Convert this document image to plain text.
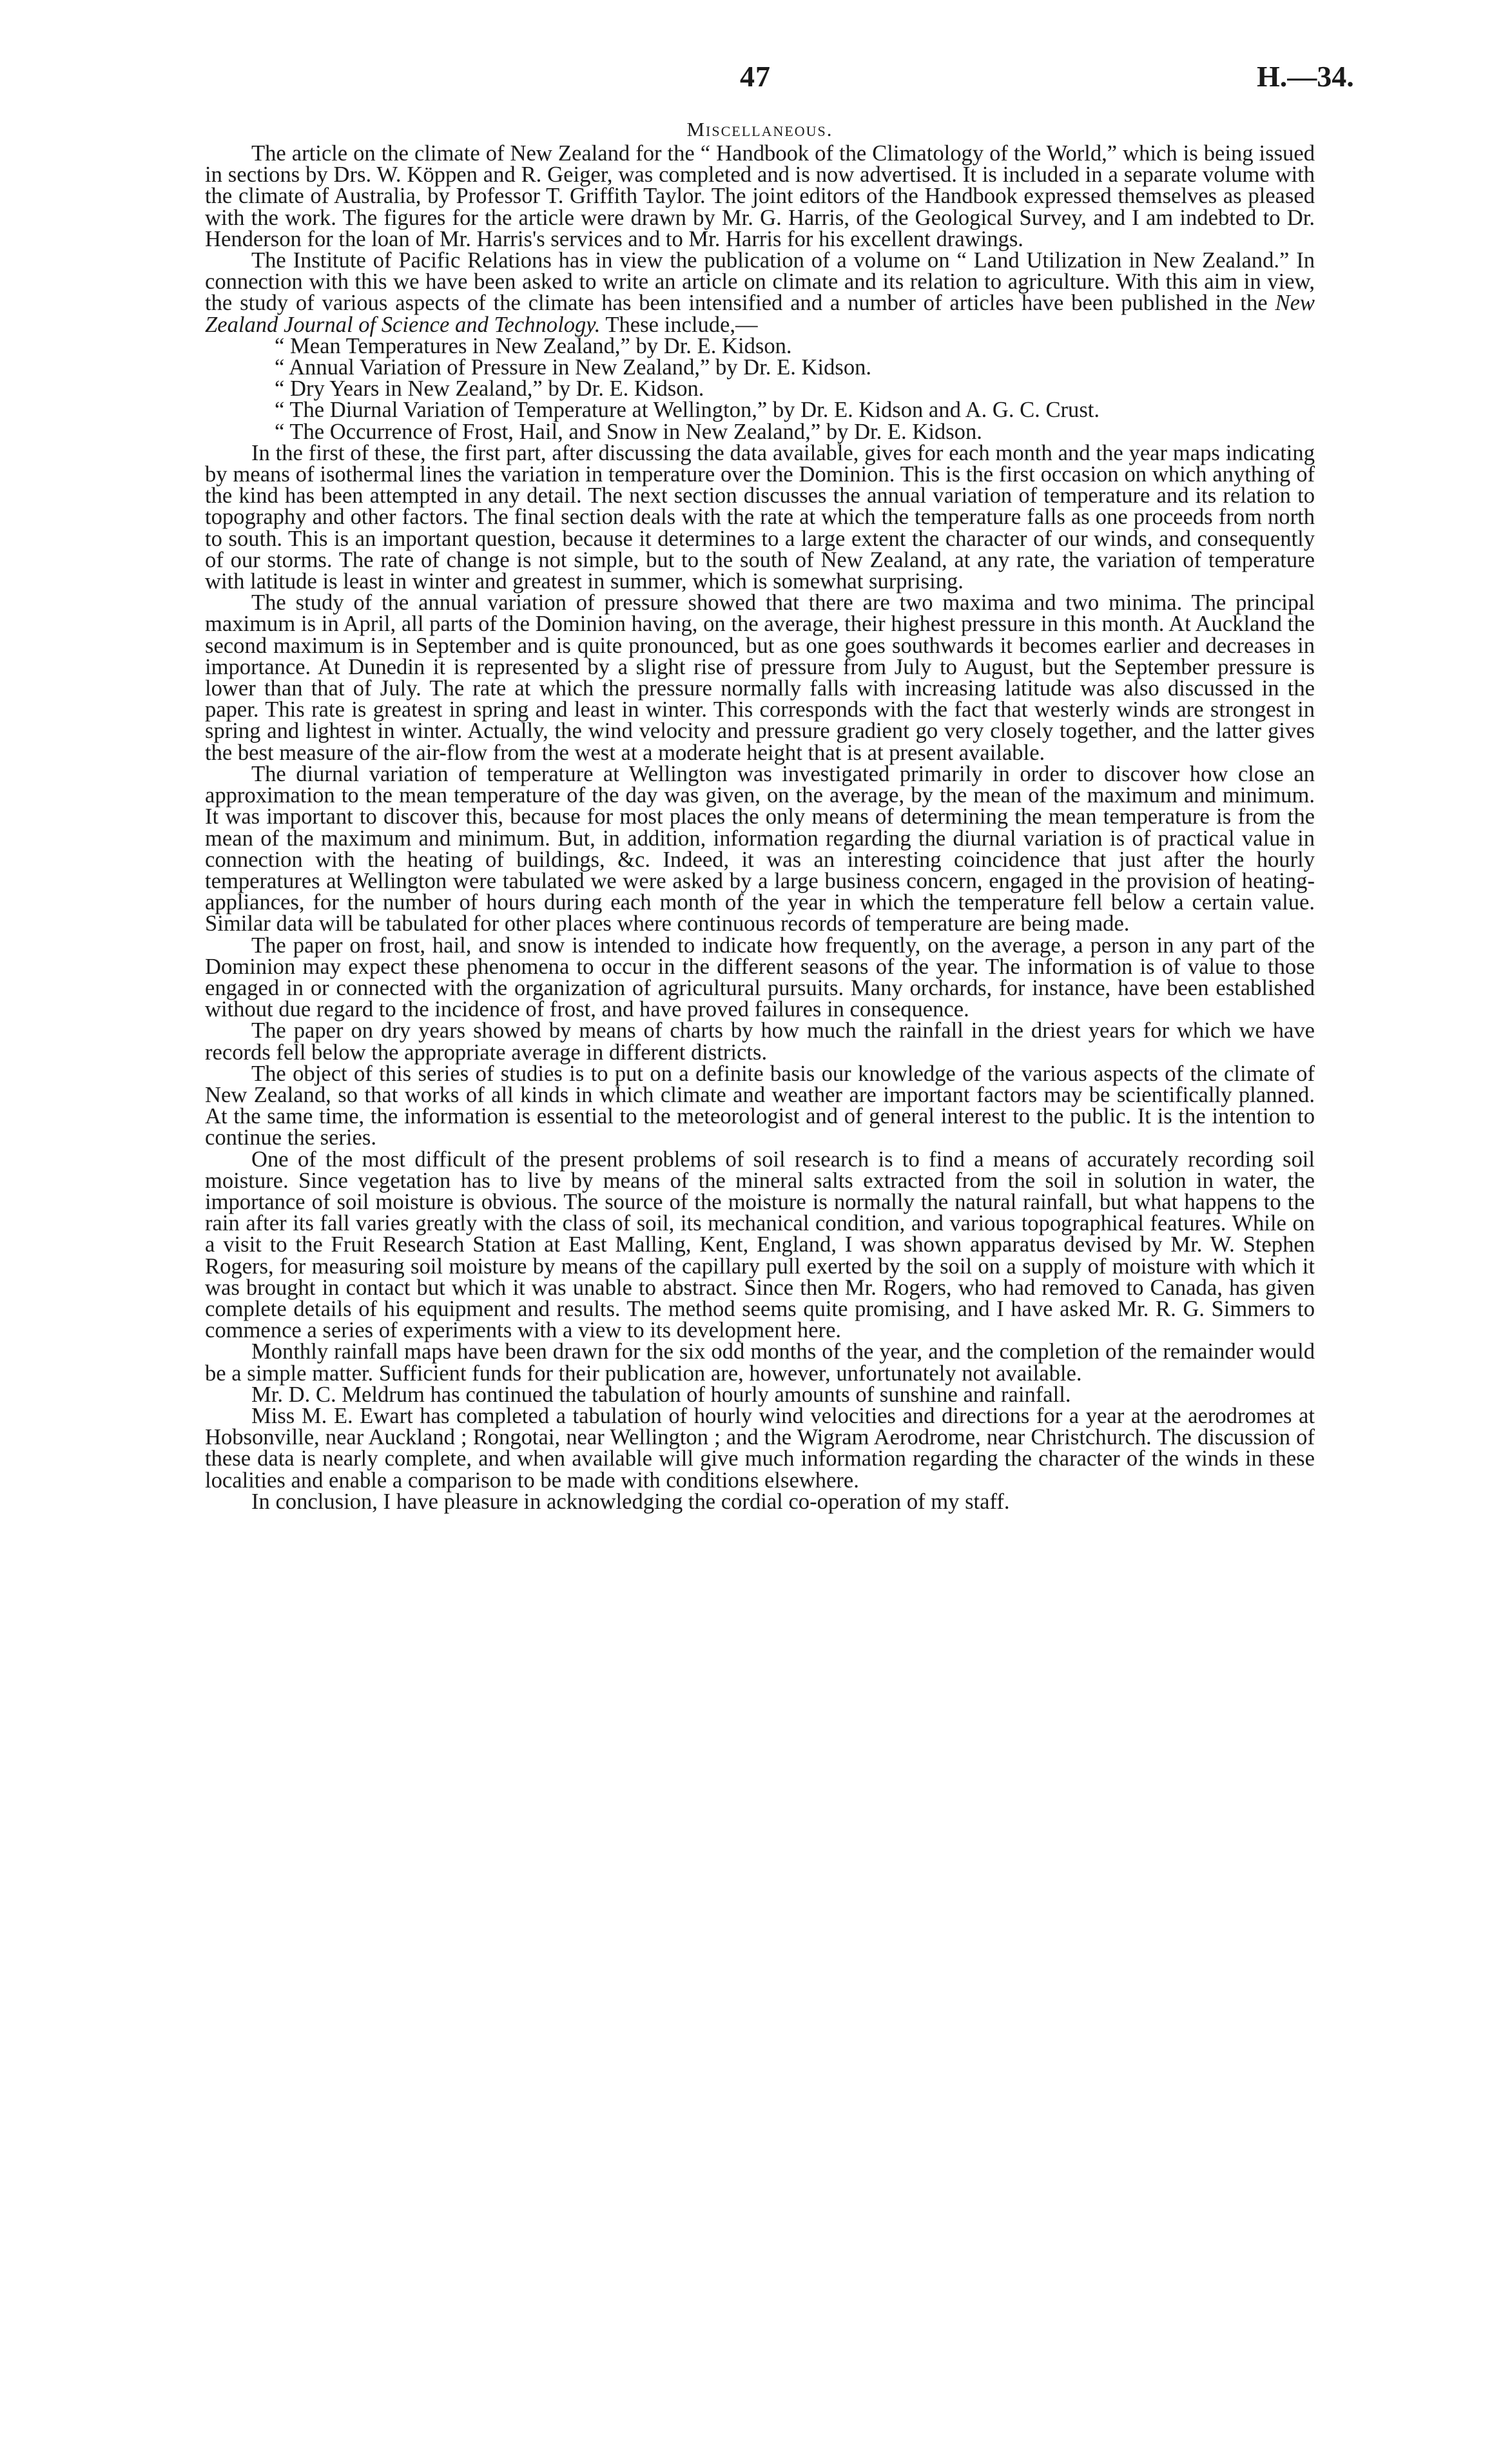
47	H.—34.

Miscellaneous.

The article on the climate of New Zealand for the “ Handbook of the Climatology of the World,” which is being issued in sections by Drs. W. Köppen and R. Geiger, was completed and is now advertised. It is included in a separate volume with the climate of Australia, by Professor T. Griffith Taylor. The joint editors of the Handbook expressed themselves as pleased with the work. The figures for the article were drawn by Mr. G. Harris, of the Geological Survey, and I am indebted to Dr. Henderson for the loan of Mr. Harris's services and to Mr. Harris for his excellent drawings.

The Institute of Pacific Relations has in view the publication of a volume on “ Land Utilization in New Zealand.” In connection with this we have been asked to write an article on climate and its relation to agriculture. With this aim in view, the study of various aspects of the climate has been intensified and a number of articles have been published in the New Zealand Journal of Science and Technology. These include,—

“ Mean Temperatures in New Zealand,” by Dr. E. Kidson.
“ Annual Variation of Pressure in New Zealand,” by Dr. E. Kidson.
“ Dry Years in New Zealand,” by Dr. E. Kidson.
“ The Diurnal Variation of Temperature at Wellington,” by Dr. E. Kidson and A. G. C. Crust.
“ The Occurrence of Frost, Hail, and Snow in New Zealand,” by Dr. E. Kidson.

In the first of these, the first part, after discussing the data available, gives for each month and the year maps indicating by means of isothermal lines the variation in temperature over the Dominion. This is the first occasion on which anything of the kind has been attempted in any detail. The next section discusses the annual variation of temperature and its relation to topography and other factors. The final section deals with the rate at which the temperature falls as one proceeds from north to south. This is an important question, because it determines to a large extent the character of our winds, and consequently of our storms. The rate of change is not simple, but to the south of New Zealand, at any rate, the variation of temperature with latitude is least in winter and greatest in summer, which is somewhat surprising.

The study of the annual variation of pressure showed that there are two maxima and two minima. The principal maximum is in April, all parts of the Dominion having, on the average, their highest pressure in this month. At Auckland the second maximum is in September and is quite pronounced, but as one goes southwards it becomes earlier and decreases in importance. At Dunedin it is represented by a slight rise of pressure from July to August, but the September pressure is lower than that of July. The rate at which the pressure normally falls with increasing latitude was also discussed in the paper. This rate is greatest in spring and least in winter. This corresponds with the fact that westerly winds are strongest in spring and lightest in winter. Actually, the wind velocity and pressure gradient go very closely together, and the latter gives the best measure of the air-flow from the west at a moderate height that is at present available.

The diurnal variation of temperature at Wellington was investigated primarily in order to discover how close an approximation to the mean temperature of the day was given, on the average, by the mean of the maximum and minimum. It was important to discover this, because for most places the only means of determining the mean temperature is from the mean of the maximum and minimum. But, in addition, information regarding the diurnal variation is of practical value in connection with the heating of buildings, &c. Indeed, it was an interesting coincidence that just after the hourly temperatures at Wellington were tabulated we were asked by a large business concern, engaged in the provision of heating-appliances, for the number of hours during each month of the year in which the temperature fell below a certain value. Similar data will be tabulated for other places where continuous records of temperature are being made.

The paper on frost, hail, and snow is intended to indicate how frequently, on the average, a person in any part of the Dominion may expect these phenomena to occur in the different seasons of the year. The information is of value to those engaged in or connected with the organization of agricultural pursuits. Many orchards, for instance, have been established without due regard to the incidence of frost, and have proved failures in consequence.

The paper on dry years showed by means of charts by how much the rainfall in the driest years for which we have records fell below the appropriate average in different districts.

The object of this series of studies is to put on a definite basis our knowledge of the various aspects of the climate of New Zealand, so that works of all kinds in which climate and weather are important factors may be scientifically planned. At the same time, the information is essential to the meteorologist and of general interest to the public. It is the intention to continue the series.

One of the most difficult of the present problems of soil research is to find a means of accurately recording soil moisture. Since vegetation has to live by means of the mineral salts extracted from the soil in solution in water, the importance of soil moisture is obvious. The source of the moisture is normally the natural rainfall, but what happens to the rain after its fall varies greatly with the class of soil, its mechanical condition, and various topographical features. While on a visit to the Fruit Research Station at East Malling, Kent, England, I was shown apparatus devised by Mr. W. Stephen Rogers, for measuring soil moisture by means of the capillary pull exerted by the soil on a supply of moisture with which it was brought in contact but which it was unable to abstract. Since then Mr. Rogers, who had removed to Canada, has given complete details of his equipment and results. The method seems quite promising, and I have asked Mr. R. G. Simmers to commence a series of experiments with a view to its development here.

Monthly rainfall maps have been drawn for the six odd months of the year, and the completion of the remainder would be a simple matter. Sufficient funds for their publication are, however, unfortunately not available.

Mr. D. C. Meldrum has continued the tabulation of hourly amounts of sunshine and rainfall.

Miss M. E. Ewart has completed a tabulation of hourly wind velocities and directions for a year at the aerodromes at Hobsonville, near Auckland ; Rongotai, near Wellington ; and the Wigram Aerodrome, near Christchurch. The discussion of these data is nearly complete, and when available will give much information regarding the character of the winds in these localities and enable a comparison to be made with conditions elsewhere.

In conclusion, I have pleasure in acknowledging the cordial co-operation of my staff.
